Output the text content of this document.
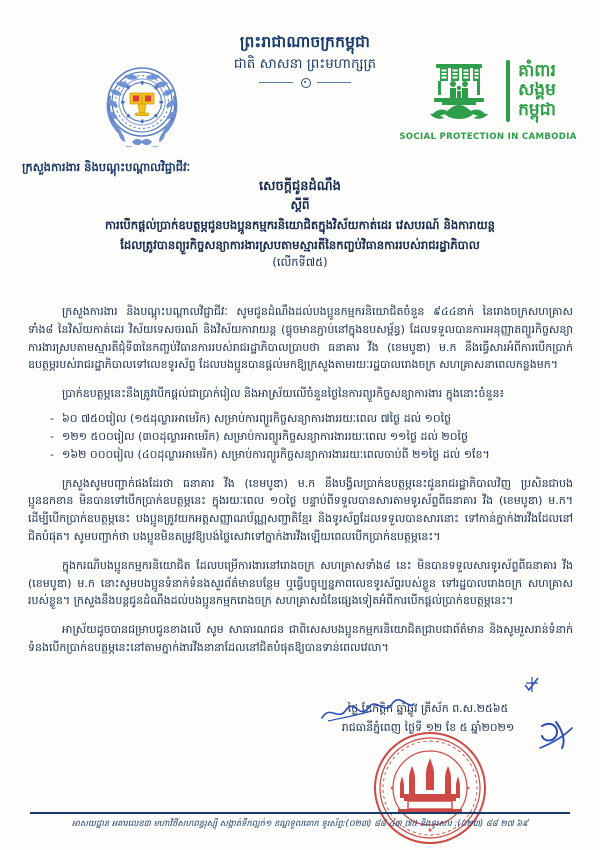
ព្រះរាជាណាចក្រកម្ពុជា
ជាតិ សាសនា ព្រះមហាក្សត្រ	គាំពារ
សង្គម
កម្ពុជា
SOCIAL PROTECTION IN CAMBODIA
ក្រសួងការងារ និងបណ្តុះបណ្តាលវិជ្ជាជីវៈ
សេចក្តីជូនដំណឹង
ស្តីពី
ការបើកផ្តល់ប្រាក់ឧបត្ថម្ភជូនបងប្អូនកម្មករនិយោជិតក្នុងវិស័យកាត់ដេរ វេសបរណ៍ និងការាយន្ត
ដែលត្រូវបានព្យួរកិច្ចសន្យាការងារស្របតាមស្មារតីនៃកញ្ចប់វិធានការរបស់រាជរដ្ឋាភិបាល
(លើកទី៧៥)

ក្រសួងការងារ និងបណ្តុះបណ្តាលវិជ្ជាជីវៈ សូមជូនដំណឹងដល់បងប្អូនកម្មករនិយោជិតចំនួន ៩៤៤នាក់ នៃរោងចក្រសហគ្រាសទាំង៨ នៃវិស័យកាត់ដេរ វិស័យទេសចរណ៍ និងវិស័យការាយន្ត (ផ្ទុចមានភ្ជាប់នៅក្នុងឧបសម្ព័ន្ធ) ដែលទទួលបានការអនុញ្ញាតព្យួរកិច្ចសន្យាការងារស្របតាមស្មារតីជុំទី៣នៃកញ្ចប់វិធានការរបស់រាជរដ្ឋាភិបាលប្រាបថា ធនាគារ វីង (ខេមបូឌា) ម.ក នឹងធ្វើសារអំពីការបើកប្រាក់ឧបត្ថម្ភរបស់រាជរដ្ឋាភិបាលទៅលេខទូរស័ព្ទ ដែលបងប្អូនបានផ្តល់មកឱ្យក្រសួងតាមរយៈរដ្ឋបាលរោងចក្រ សហគ្រាសនាពេលកន្លងមក។

ប្រាក់ឧបត្ថម្ភនេះនឹងត្រូវបើកផ្តល់ជាប្រាក់រៀល និងអាស្រ័យលើចំនួនថ្ងៃនៃការព្យួរកិច្ចសន្យាការងារ ក្នុងនោះចំនួន៖

- ៦០ ៧៥០រៀល (១៥ដុល្លារអាមេរិក) សម្រាប់ការព្យួរកិច្ចសន្យាការងាររយៈពេល ៧ថ្ងៃ ដល់ ១០ថ្ងៃ
- ១២១ ៥០០រៀល (៣០ដុល្លារអាមេរិក) សម្រាប់ការព្យួរកិច្ចសន្យាការងាររយៈពេល ១១ថ្ងៃ ដល់ ២០ថ្ងៃ
- ១៦២ ០០០រៀល (៤០ដុល្លារអាមេរិក) សម្រាប់ការព្យួរកិច្ចសន្យាការងាររយៈពេលចាប់ពី ២១ថ្ងៃ ដល់ ១ខែ។

ក្រសួងសូមបញ្ជាក់ផងដែរថា ធនាគារ វីង (ខេមបូឌា) ម.ក នឹងបង្វិលប្រាក់ឧបត្ថម្ភនេះជូនរាជរដ្ឋាភិបាលវិញ ប្រសិនជាបងប្អូនឧកខាន មិនបានទៅបើកប្រាក់ឧបត្ថម្ភនេះ ក្នុងរយៈពេល ១០ថ្ងៃ បន្ទាប់ពីទទួលបានសារតាមទូរស័ព្ទពីធនាគារ វីង (ខេមបូឌា) ម.ក។ ដើម្បីបើកប្រាក់ឧបត្ថម្ភនេះ បងប្អូនត្រូវយកអត្តសញ្ញាណប័ណ្ណសញ្ជាតិខ្មែរ និងទូរស័ព្ទដែលទទួលបានសារនោះ ទៅកាន់ភ្នាក់ងារវីងដែលនៅជិតបំផុត។ សូមបញ្ជាក់ថា បងប្អូនមិនតម្រូវឱ្យបង់ថ្លៃសេវាទៅភ្នាក់ងារវីងឡើយពេលបើកប្រាក់ឧបត្ថម្ភនេះ។

ក្នុងករណីបងប្អូនកម្មករនិយោជិត ដែលបម្រើការងារនៅរោងចក្រ សហគ្រាសទាំង៨ នេះ មិនបានទទួលសារទូរស័ព្ទពីធនាគារ វីង (ខេមបូឌា) ម.ក នោះសូមបងប្អូនទំនាក់ទំនងសួរព័ត៌មានបន្ថែម ឬធ្វើបច្ចុប្បន្នភាពលេខទូរស័ព្ទរបស់ខ្លួន ទៅរដ្ឋបាលរោងចក្រ សហគ្រាសរបស់ខ្លួន។ ក្រសួងនឹងបន្តជូនដំណឹងដល់បងប្អូនកម្មករោងចក្រ សហគ្រាសជំនែផ្សេងទៀតអំពីការបើកផ្តល់ប្រាក់ឧបត្ថម្ភនេះ។

អាស្រ័យដូចបានជម្រាបជូនខាងលើ សូម សាធារណជន ជាពិសេសបងប្អូនកម្មករនិយោជិតជ្រាបជាព័ត៌មាន និងសូមរួសរាន់ទំនាក់ទំនងបើកប្រាក់ឧបត្ថម្ភនេះនៅតាមភ្នាក់ងារវីងនានាដែលនៅជិតបំផុតឱ្យបានទាន់ពេលវេលា។

ថ្ងៃ ខែកត្តិក ឆ្នាំឆ្លូវ ត្រីស័ក ព.ស.២៥៦៥
រាជធានីភ្នំពេញ ថ្ងៃទី ១២ ខែ ៥ ឆ្នាំ២០២១
អាសយដ្ឋាន អគារលេខ៣ មហាវិថីសហពន្ធរុស្ស៊ី សង្កាត់ទឹកល្អក់១ ខណ្ឌទួលគោក ទូរស័ព្ទ:(០២៣) ៨៨ ៤៣ ៧៥ និងទូរសារ :(០២៣) ៨៨ ២៧ ៦៩
